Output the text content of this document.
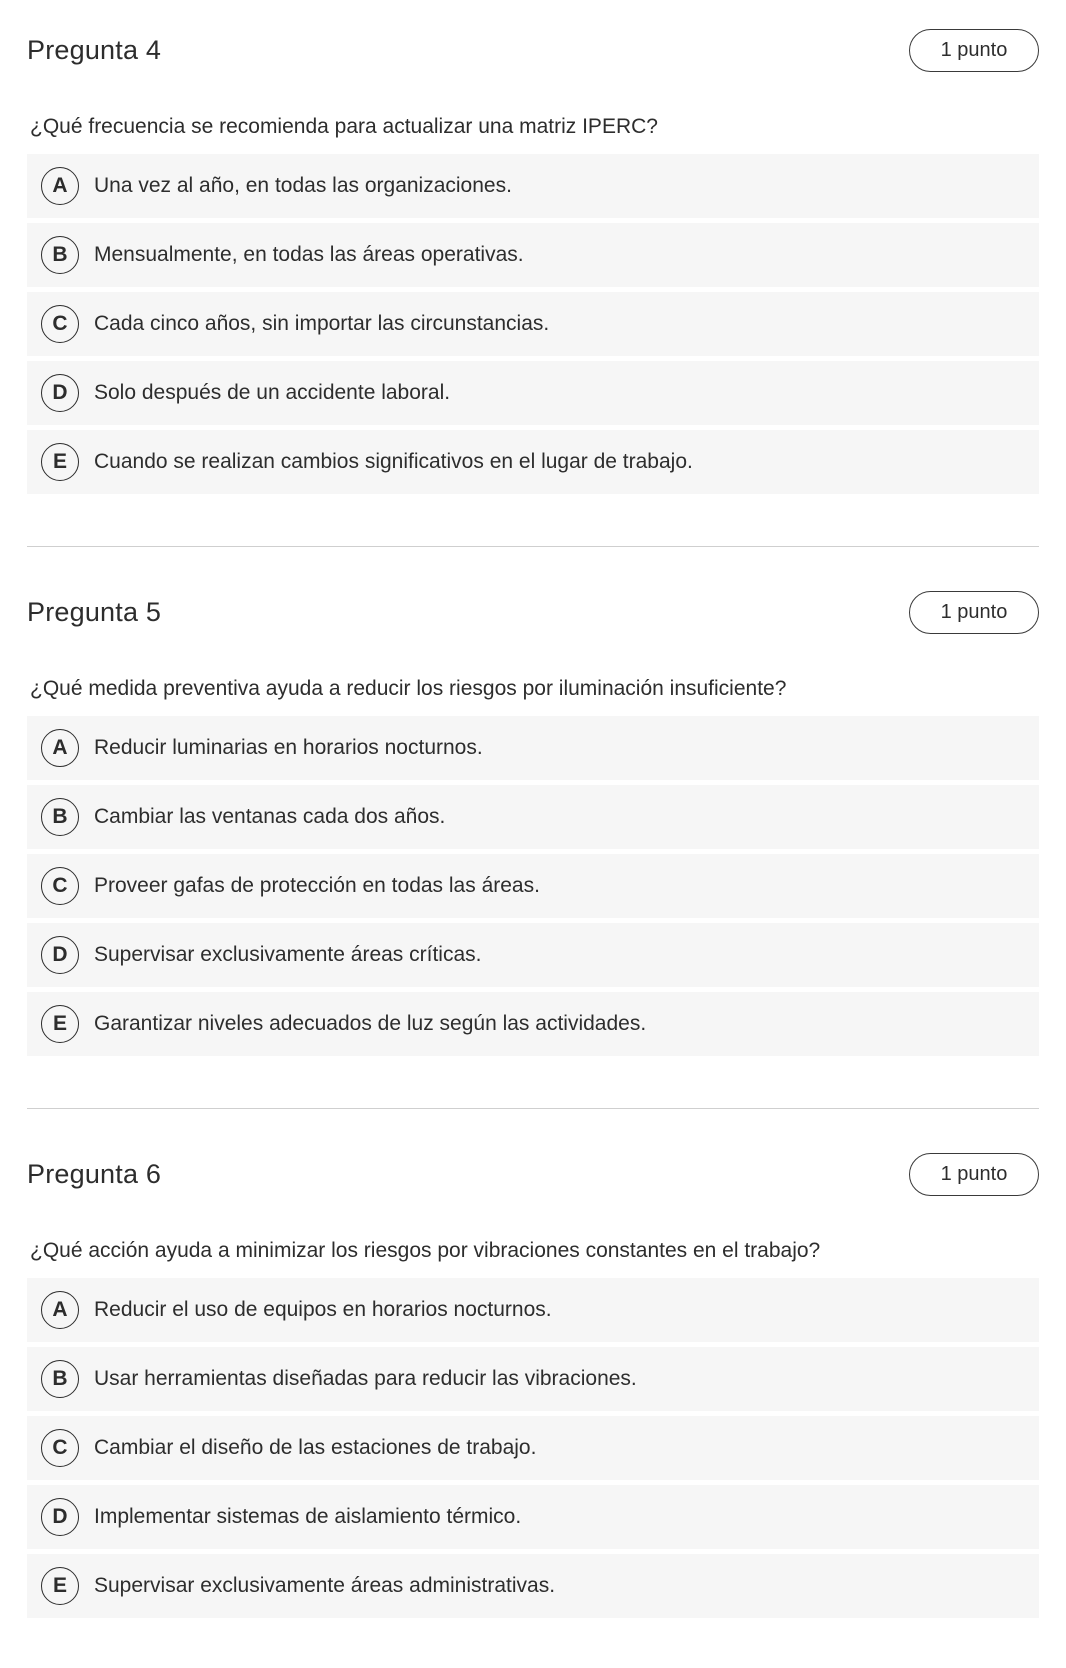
Pregunta 4	1 punto

¿Qué frecuencia se recomienda para actualizar una matriz IPERC?

A	Una vez al año, en todas las organizaciones.
B	Mensualmente, en todas las áreas operativas.
C	Cada cinco años, sin importar las circunstancias.
D	Solo después de un accidente laboral.
E	Cuando se realizan cambios significativos en el lugar de trabajo.
Pregunta 5	1 punto

¿Qué medida preventiva ayuda a reducir los riesgos por iluminación insuficiente?

A	Reducir luminarias en horarios nocturnos.
B	Cambiar las ventanas cada dos años.
C	Proveer gafas de protección en todas las áreas.
D	Supervisar exclusivamente áreas críticas.
E	Garantizar niveles adecuados de luz según las actividades.
Pregunta 6	1 punto

¿Qué acción ayuda a minimizar los riesgos por vibraciones constantes en el trabajo?

A	Reducir el uso de equipos en horarios nocturnos.
B	Usar herramientas diseñadas para reducir las vibraciones.
C	Cambiar el diseño de las estaciones de trabajo.
D	Implementar sistemas de aislamiento térmico.
E	Supervisar exclusivamente áreas administrativas.
